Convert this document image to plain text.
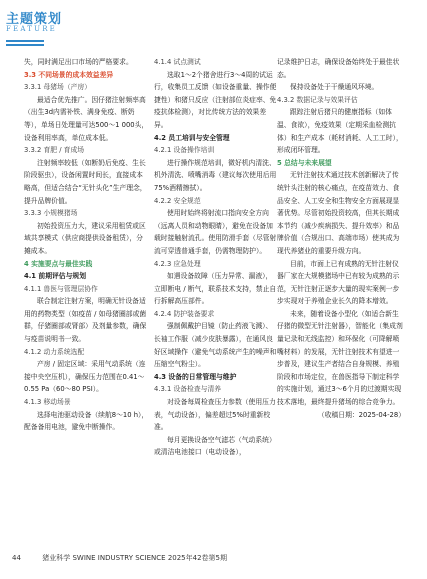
主题策划
FEATURE

失，同时满足出口市场的严格要求。

3.3 不同场景的成本效益差异

3.3.1 母猪场（产房）

最适合优先推广。因仔猪注射频率高（出生3d内需补铁、满身免疫、断奶等），单场日处理量可达500～1 000头，设备利用率高，单位成本低。

3.3.2 育肥 / 育成场

注射频率较低（如断奶后免疫、生长阶段驱虫），设备闲置时间长，直接成本略高，但适合结合“无针头化”生产理念，提升品牌价值。

3.3.3 小规模猪场

初始投资压力大，建议采用租赁或区域共享模式（供应商提供设备租赁），分摊成本。

4 实施要点与最佳实践

4.1 前期评估与规划

4.1.1 兽医与管理层协作

联合制定注射方案，明确无针设备适用的药物类型（如疫苗 / 如母猪圈部或菌群，仔猪圈部或肾部）及剂量参数，确保与疫苗说明书一致。

4.1.2 动力系统选配

产房 / 固定区域：采用气动系统（连接中央空压机），确保压力范围在0.41～0.55 Pa（60～80 PSI）。

4.1.3 移动场景

选择电池驱动设备（续航8～10 h），配备备用电池，避免中断操作。

4.1.4 试点测试

选取1～2个猪舍进行3～4周的试运行，收集员工反馈（如设备重量、操作便捷性）和猪只反应（注射部位炎症率、免疫抗体检测），对比传统方法的效果差异。

4.2 员工培训与安全管理

4.2.1 设备操作培训

进行操作规范培训，微好机内清洗、机外清洗、喷嘴消毒（建议每次使用后用75%酒精擦拭）。

4.2.2 安全规范

使用时始终将射流口指向安全方向（远离人员和动物眼睛），避免在设备加载时接触射流孔。使用防滑手套（尽管射流可穿透普通手套，仍需物理防护）。

4.2.3 应急处理

如遇设备故障（压力异常、漏液），立即断电 / 断气，联系技术支持，禁止自行拆解高压部件。

4.2.4 防护装备要求

强制佩戴护目镜（防止药液飞溅）、长袖工作服（减少皮肤暴露），在通风良好区域操作（避免气动系统产生的噪声和压缩空气粉尘）。

4.3 设备的日常管理与维护

4.3.1 设备检查与清养

对设备每周检查压力参数（使用压力表，气动设备），偏差超过5%时重新校准。

每月更换设备空气滤芯（气动系统）或清洁电池接口（电动设备），

记录维护日志，确保设备始终处于最佳状态。

保持设备处于干燥通风环境。

4.3.2 数据记录与效果评估

跟踪注射后猪只的健康指标（如体温、食欲），免疫效果（定期采血检测抗体）和生产成本（耗材消耗、人工工时），形成闭环管理。

5 总结与未来展望

无针注射技术通过技术创新解决了传统针头注射的核心痛点，在疫苗效力、食品安全、人工安全和生物安全方面展现显著优势。尽管初始投资较高，但其长期成本节约（减少疾病损失、提升效率）和品牌价值（合规出口、高端市场）使其成为现代养猪业的重要升级方向。

目前，市面上已有成熟的无针注射仪器厂家在大规模猪场中已有较为成熟的示范，无针注射正逐步大量的现实案例一步步实现对于养殖企业长久的降本增效。

未来，随着设备小型化（如适合新生仔猪的微型无针注射器），智能化（集成剂量记录和无线监控）和环保化（可降解喷嘴材料）的发展，无针注射技术有望进一步普及，建议生产者结合自身规模、养殖阶段和市场定位，在兽医指导下制定科学的实施计划，通过3～6个月的过渡期实现技术落地，最终提升猪场的综合竞争力。

（收稿日期：2025-04-28）

44	猪业科学 SWINE INDUSTRY SCIENCE 2025年42卷第5期
